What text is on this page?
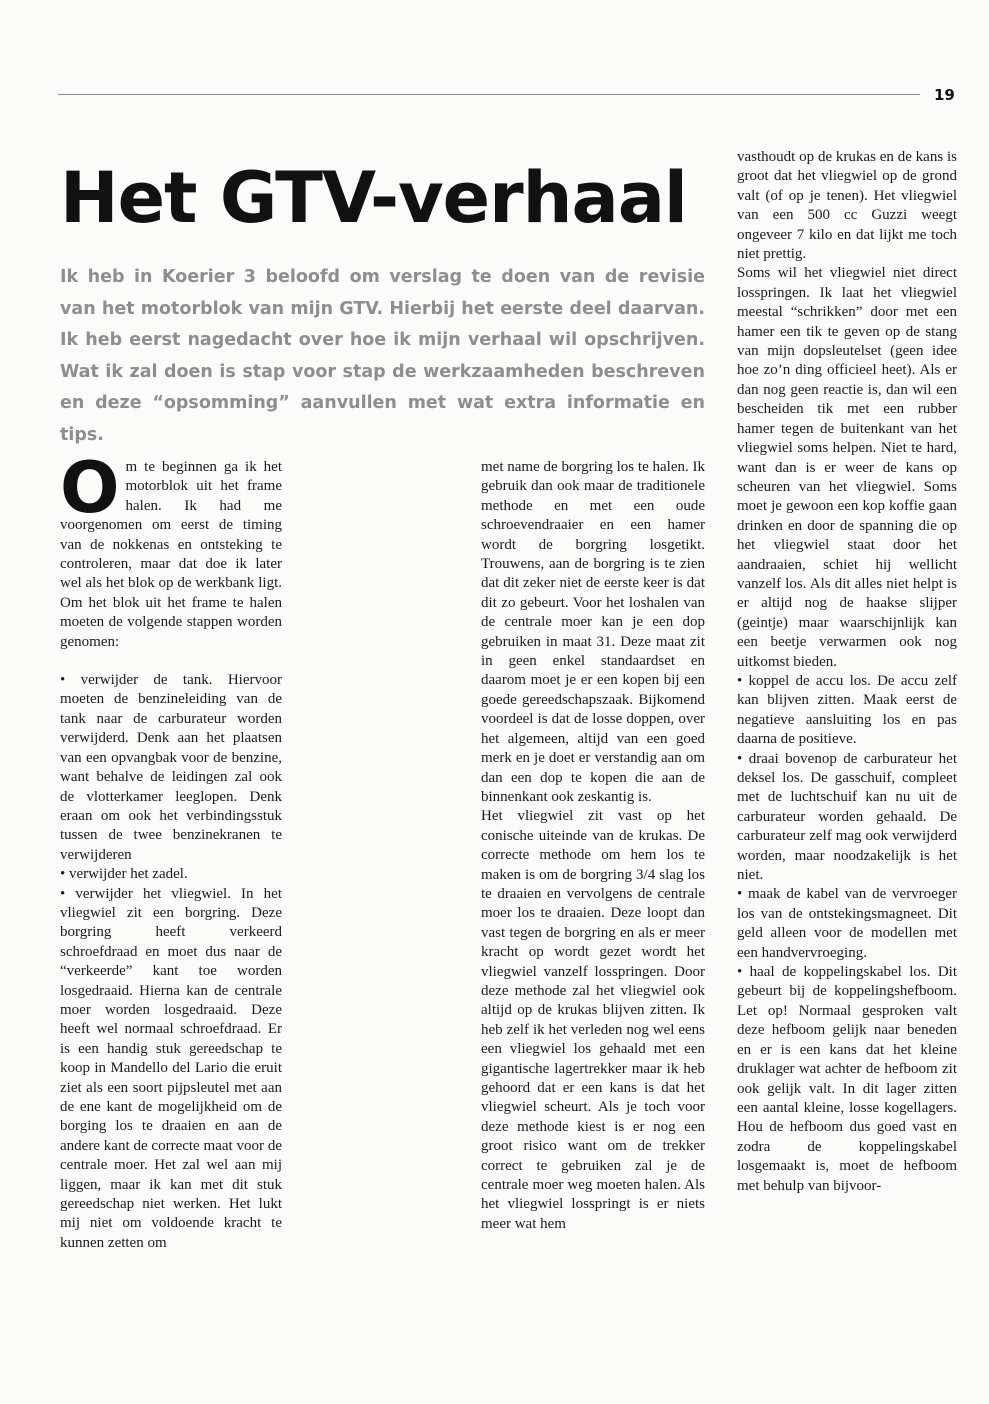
19
Het GTV-verhaal

Ik heb in Koerier 3 beloofd om verslag te doen van de revisie van het motorblok van mijn GTV. Hierbij het eerste deel daarvan. Ik heb eerst nagedacht over hoe ik mijn verhaal wil opschrijven. Wat ik zal doen is stap voor stap de werkzaamheden beschreven en deze “opsomming” aanvullen met wat extra informatie en tips.

O m te beginnen ga ik het motorblok uit het frame halen. Ik had me voorgenomen om eerst de timing van de nokkenas en ontsteking te controleren, maar dat doe ik later wel als het blok op de werkbank ligt. Om het blok uit het frame te halen moeten de volgende stappen worden genomen:

• verwijder de tank. Hiervoor moeten de benzineleiding van de tank naar de carburateur worden verwijderd. Denk aan het plaatsen van een opvangbak voor de benzine, want behalve de leidingen zal ook de vlotterkamer leeglopen. Denk eraan om ook het verbindingsstuk tussen de twee benzinekranen te verwijderen

• verwijder het zadel.

• verwijder het vliegwiel. In het vliegwiel zit een borgring. Deze borgring heeft verkeerd schroefdraad en moet dus naar de “verkeerde” kant toe worden losgedraaid. Hierna kan de centrale moer worden losgedraaid. Deze heeft wel normaal schroefdraad. Er is een handig stuk gereedschap te koop in Mandello del Lario die eruit ziet als een soort pijpsleutel met aan de ene kant de mogelijkheid om de borging los te draaien en aan de andere kant de correcte maat voor de centrale moer. Het zal wel aan mij liggen, maar ik kan met dit stuk gereedschap niet werken. Het lukt mij niet om voldoende kracht te kunnen zetten om

met name de borgring los te halen. Ik gebruik dan ook maar de traditionele methode en met een oude schroevendraaier en een hamer wordt de borgring losgetikt. Trouwens, aan de borgring is te zien dat dit zeker niet de eerste keer is dat dit zo gebeurt. Voor het loshalen van de centrale moer kan je een dop gebruiken in maat 31. Deze maat zit in geen enkel standaardset en daarom moet je er een kopen bij een goede gereedschapszaak. Bijkomend voordeel is dat de losse doppen, over het algemeen, altijd van een goed merk en je doet er verstandig aan om dan een dop te kopen die aan de binnenkant ook zeskantig is.

Het vliegwiel zit vast op het conische uiteinde van de krukas. De correcte methode om hem los te maken is om de borgring 3/4 slag los te draaien en vervolgens de centrale moer los te draaien. Deze loopt dan vast tegen de borgring en als er meer kracht op wordt gezet wordt het vliegwiel vanzelf losspringen. Door deze methode zal het vliegwiel ook altijd op de krukas blijven zitten. Ik heb zelf ik het verleden nog wel eens een vliegwiel los gehaald met een gigantische lagertrekker maar ik heb gehoord dat er een kans is dat het vliegwiel scheurt. Als je toch voor deze methode kiest is er nog een groot risico want om de trekker correct te gebruiken zal je de centrale moer weg moeten halen. Als het vliegwiel losspringt is er niets meer wat hem

vasthoudt op de krukas en de kans is groot dat het vliegwiel op de grond valt (of op je tenen). Het vliegwiel van een 500 cc Guzzi weegt ongeveer 7 kilo en dat lijkt me toch niet prettig.

Soms wil het vliegwiel niet direct losspringen. Ik laat het vliegwiel meestal “schrikken” door met een hamer een tik te geven op de stang van mijn dopsleutelset (geen idee hoe zo’n ding officieel heet). Als er dan nog geen reactie is, dan wil een bescheiden tik met een rubber hamer tegen de buitenkant van het vliegwiel soms helpen. Niet te hard, want dan is er weer de kans op scheuren van het vliegwiel. Soms moet je gewoon een kop koffie gaan drinken en door de spanning die op het vliegwiel staat door het aandraaien, schiet hij wellicht vanzelf los. Als dit alles niet helpt is er altijd nog de haakse slijper (geintje) maar waarschijnlijk kan een beetje verwarmen ook nog uitkomst bieden.

• koppel de accu los. De accu zelf kan blijven zitten. Maak eerst de negatieve aansluiting los en pas daarna de positieve.

• draai bovenop de carburateur het deksel los. De gasschuif, compleet met de luchtschuif kan nu uit de carburateur worden gehaald. De carburateur zelf mag ook verwijderd worden, maar noodzakelijk is het niet.

• maak de kabel van de vervroeger los van de ontstekingsmagneet. Dit geld alleen voor de modellen met een handvervroeging.

• haal de koppelingskabel los. Dit gebeurt bij de koppelingshefboom. Let op! Normaal gesproken valt deze hefboom gelijk naar beneden en er is een kans dat het kleine druklager wat achter de hefboom zit ook gelijk valt. In dit lager zitten een aantal kleine, losse kogellagers. Hou de hefboom dus goed vast en zodra de koppelingskabel losgemaakt is, moet de hefboom met behulp van bijvoor-
